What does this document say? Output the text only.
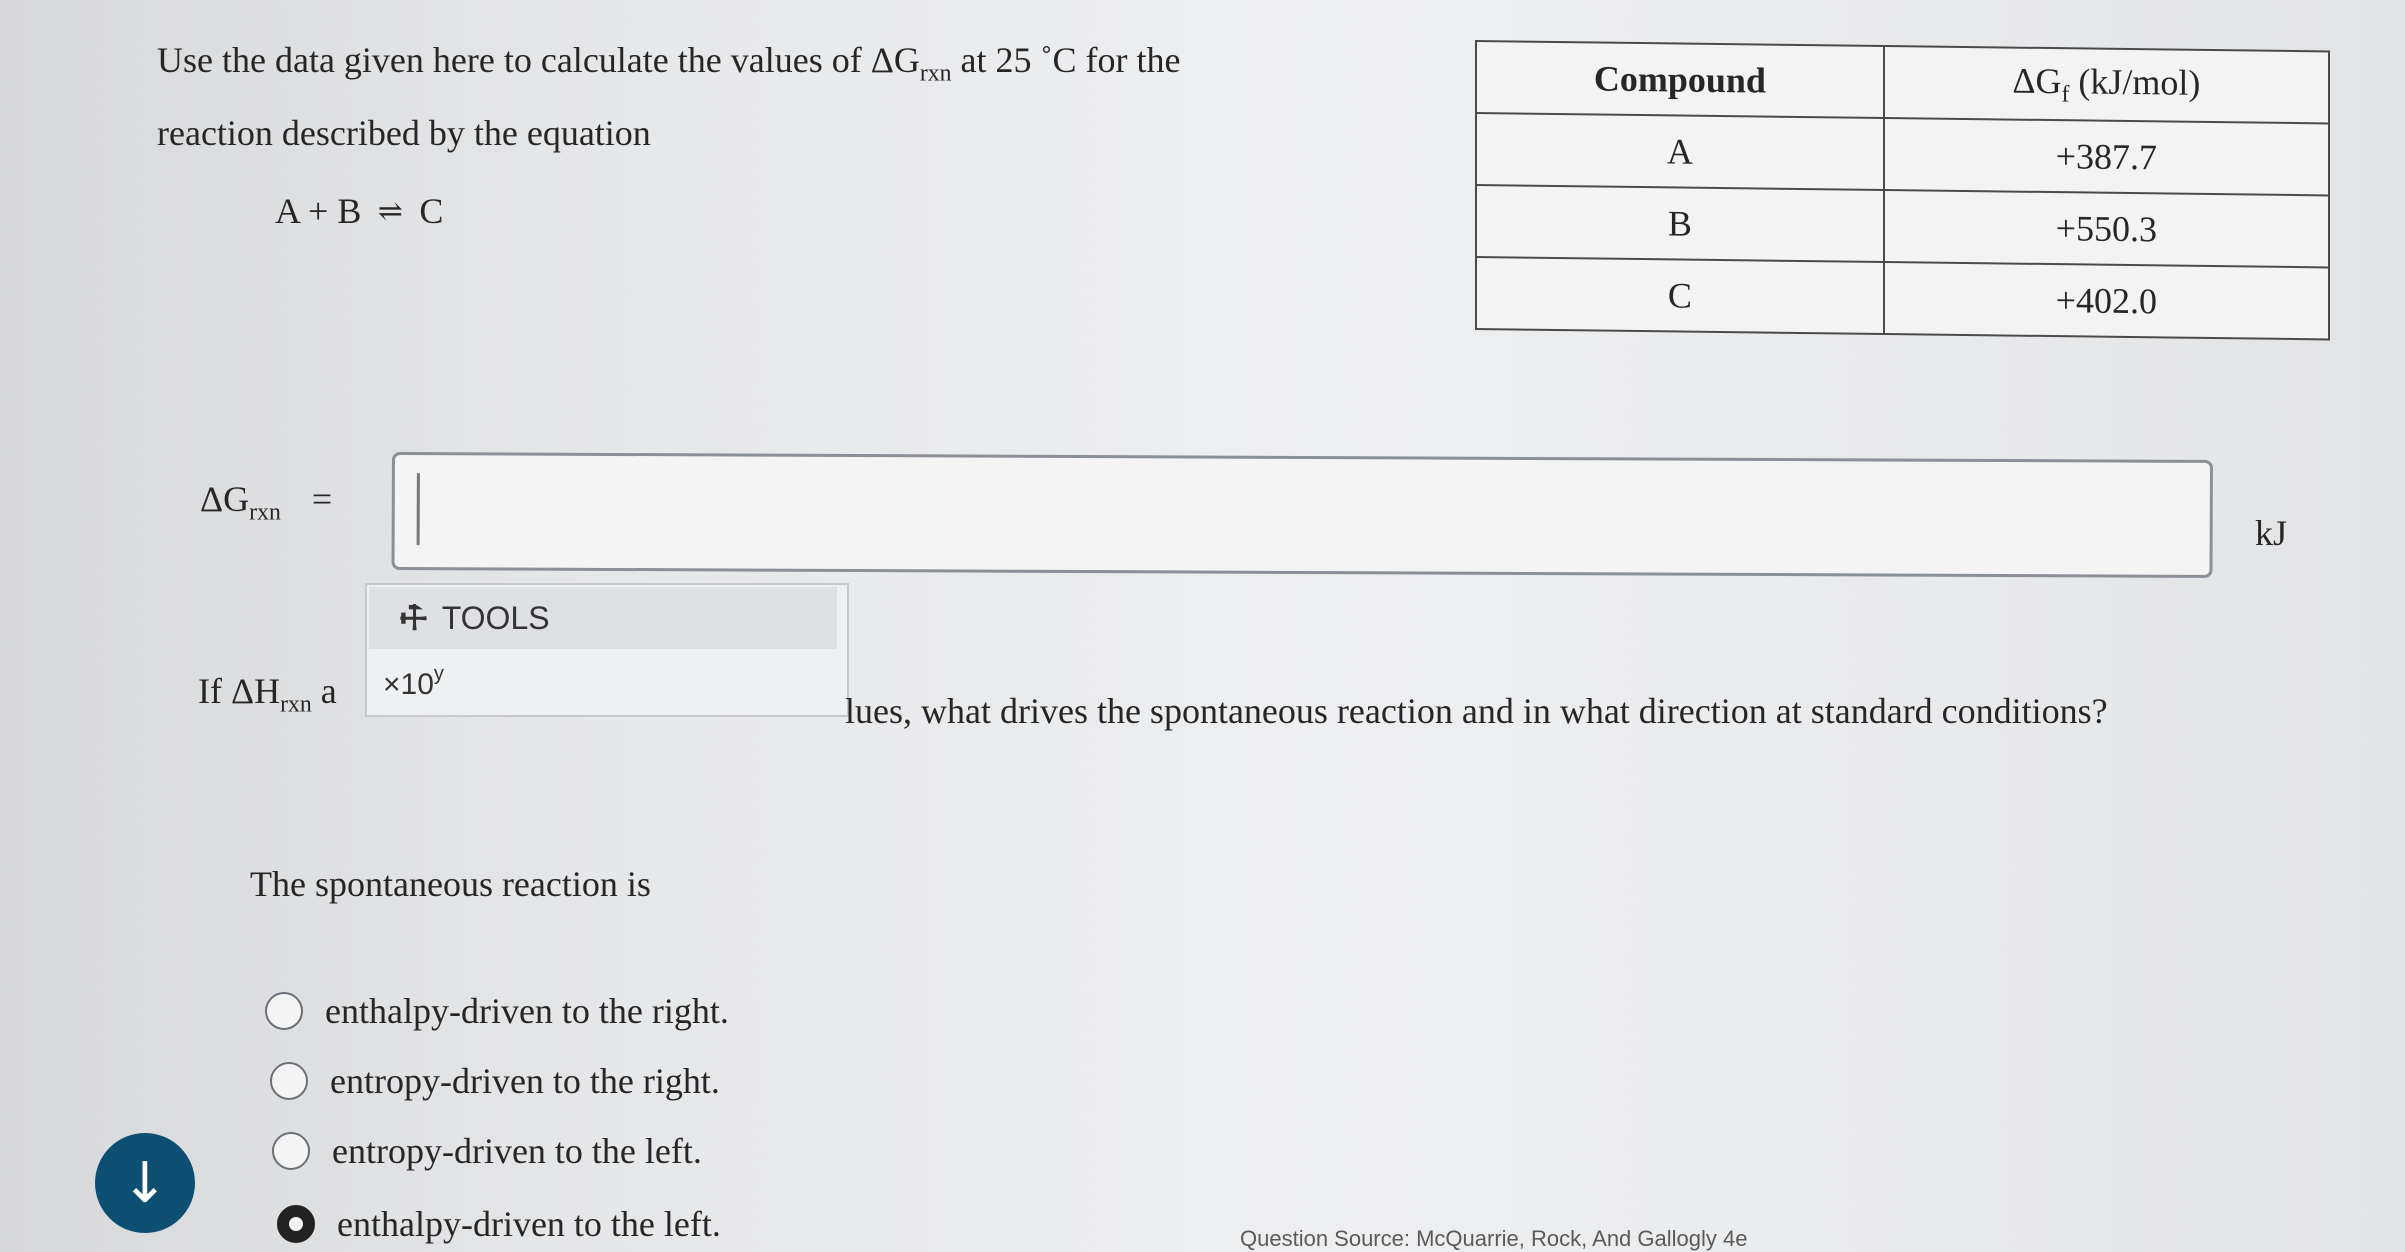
Use the data given here to calculate the values of $\Delta G_{rxn}$ at 25 ˚C for the
reaction described by the equation
A + B ⇌ C
Compound	$\Delta G_f$ (kJ/mol)
A	+387.7
B	+550.3
C	+402.0
$\Delta G_{rxn}$ =
kJ
⚒ TOOLS
$\times 10^y$
If $\Delta H_{rxn}$ a	lues, what drives the spontaneous reaction and in what direction at standard conditions?
The spontaneous reaction is
enthalpy-driven to the right.
entropy-driven to the right.
entropy-driven to the left.
enthalpy-driven to the left.
↓
Question Source: McQuarrie, Rock, And Gallogly 4e
